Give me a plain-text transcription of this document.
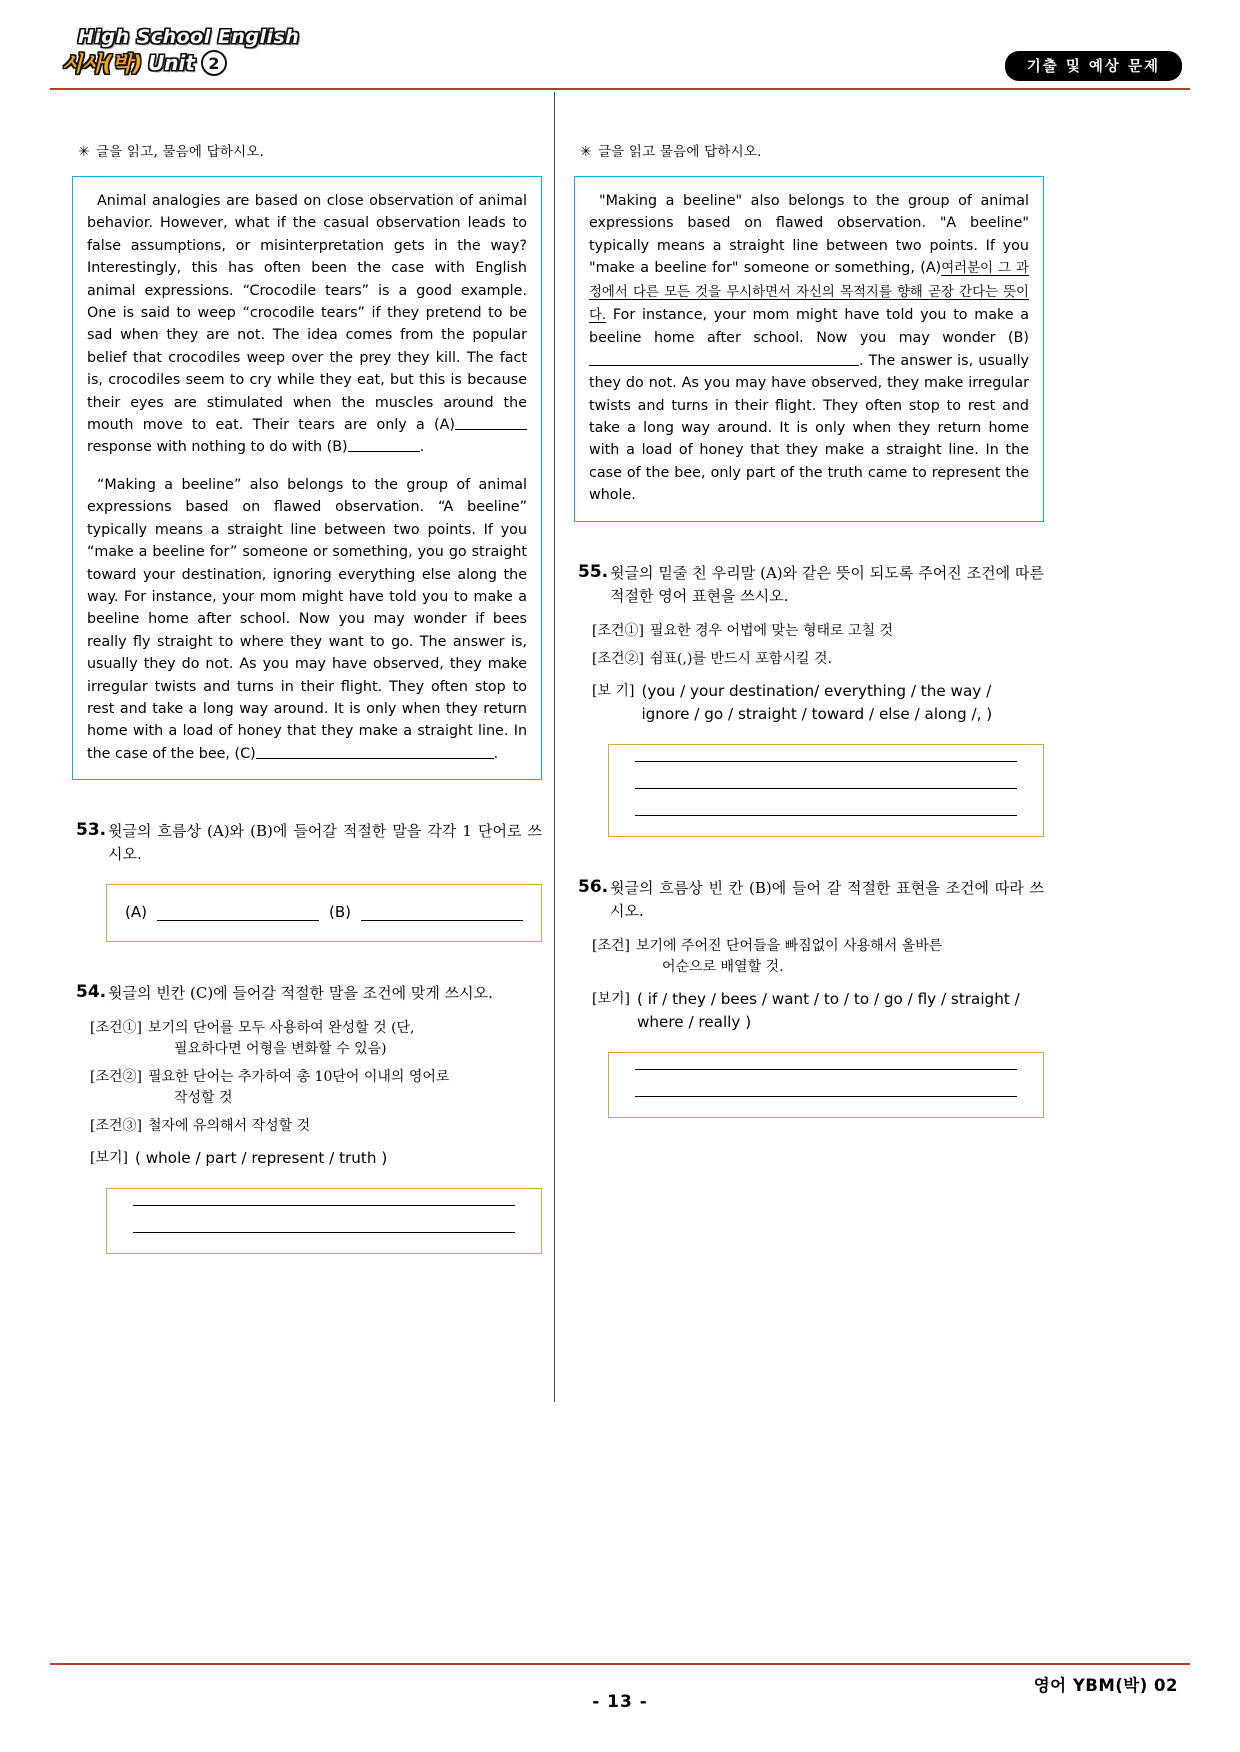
High School English
시사(박) Unit 2	기출 및 예상 문제
✳ 글을 읽고, 물음에 답하시오.

Animal analogies are based on close observation of animal behavior. However, what if the casual observation leads to false assumptions, or misinterpretation gets in the way? Interestingly, this has often been the case with English animal expressions. “Crocodile tears” is a good example. One is said to weep “crocodile tears” if they pretend to be sad when they are not. The idea comes from the popular belief that crocodiles weep over the prey they kill. The fact is, crocodiles seem to cry while they eat, but this is because their eyes are stimulated when the muscles around the mouth move to eat. Their tears are only a (A) response with nothing to do with (B)	.

“Making a beeline” also belongs to the group of animal expressions based on flawed observation. “A beeline” typically means a straight line between two points. If you “make a beeline for” someone or something, you go straight toward your destination, ignoring everything else along the way. For instance, your mom might have told you to make a beeline home after school. Now you may wonder if bees really fly straight to where they want to go. The answer is, usually they do not. As you may have observed, they make irregular twists and turns in their flight. They often stop to rest and take a long way around. It is only when they return home with a load of honey that they make a straight line. In the case of the bee, (C)	.

53. 윗글의 흐름상 (A)와 (B)에 들어갈 적절한 말을 각각 1 단어로 쓰시오.
(A)	(B)
54. 윗글의 빈칸 (C)에 들어갈 적절한 말을 조건에 맞게 쓰시오.
[조건①] 보기의 단어를 모두 사용하여 완성할 것 (단,
필요하다면 어형을 변화할 수 있음)
[조건②] 필요한 단어는 추가하여 총 10단어 이내의 영어로
작성할 것
[조건③] 철자에 유의해서 작성할 것
[보기] ( whole / part / represent / truth )
✳ 글을 읽고 물음에 답하시오.

"Making a beeline" also belongs to the group of animal expressions based on flawed observation. "A beeline" typically means a straight line between two points. If you "make a beeline for" someone or something, (A)여러분이 그 과정에서 다른 모든 것을 무시하면서 자신의 목적지를 향해 곧장 간다는 뜻이다. For instance, your mom might have told you to make a beeline home after school. Now you may wonder (B). The answer is, usually they do not. As you may have observed, they make irregular twists and turns in their flight. They often stop to rest and take a long way around. It is only when they return home with a load of honey that they make a straight line. In the case of the bee, only part of the truth came to represent the whole.

55. 윗글의 밑줄 친 우리말 (A)와 같은 뜻이 되도록 주어진 조건에 따른 적절한 영어 표현을 쓰시오.
[조건①] 필요한 경우 어법에 맞는 형태로 고칠 것
[조건②] 쉼표(,)를 반드시 포함시킬 것.
[보 기] (you / your destination/ everything / the way / ignore / go / straight / toward / else / along /, )
56. 윗글의 흐름상 빈 칸 (B)에 들어 갈 적절한 표현을 조건에 따라 쓰시오.
[조건] 보기에 주어진 단어들을 빠짐없이 사용해서 올바른
어순으로 배열할 것.
[보기] ( if / they / bees / want / to / to / go / fly / straight / where / really )
- 13 -
영어 YBM(박) 02
